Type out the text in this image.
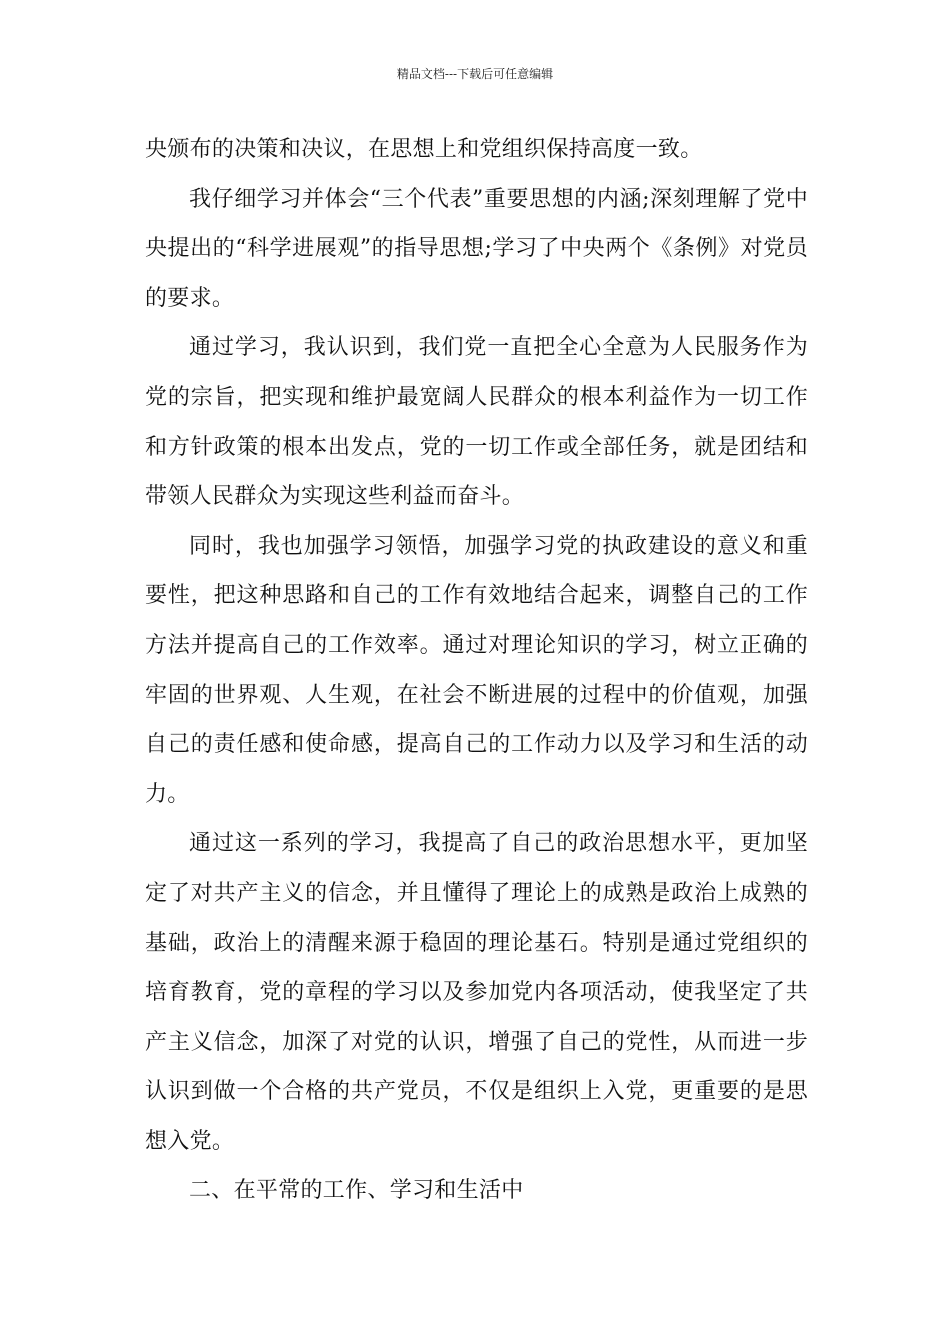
精品文档---下载后可任意编辑

央颁布的决策和决议，在思想上和党组织保持高度一致。

我仔细学习并体会“三个代表”重要思想的内涵;深刻理解了党中央提出的“科学进展观”的指导思想;学习了中央两个《条例》对党员的要求。

通过学习，我认识到，我们党一直把全心全意为人民服务作为党的宗旨，把实现和维护最宽阔人民群众的根本利益作为一切工作和方针政策的根本出发点，党的一切工作或全部任务，就是团结和带领人民群众为实现这些利益而奋斗。

同时，我也加强学习领悟，加强学习党的执政建设的意义和重要性，把这种思路和自己的工作有效地结合起来，调整自己的工作方法并提高自己的工作效率。通过对理论知识的学习，树立正确的牢固的世界观、人生观，在社会不断进展的过程中的价值观，加强自己的责任感和使命感，提高自己的工作动力以及学习和生活的动力。

通过这一系列的学习，我提高了自己的政治思想水平，更加坚定了对共产主义的信念，并且懂得了理论上的成熟是政治上成熟的基础，政治上的清醒来源于稳固的理论基石。特别是通过党组织的培育教育，党的章程的学习以及参加党内各项活动，使我坚定了共产主义信念，加深了对党的认识，增强了自己的党性，从而进一步认识到做一个合格的共产党员，不仅是组织上入党，更重要的是思想入党。

二、在平常的工作、学习和生活中
